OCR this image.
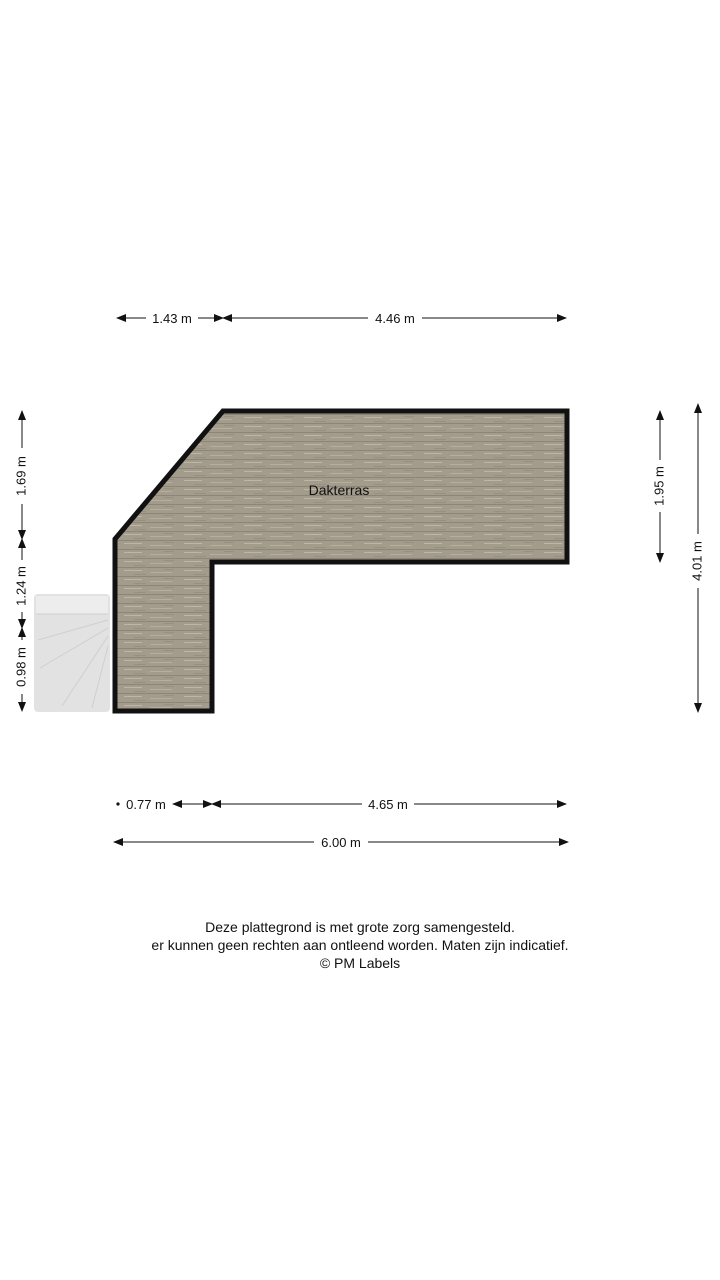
Dakterras
1.43 m	4.46 m
1.69 m
1.24 m
0.98 m
1.95 m
4.01 m
0.77 m	4.65 m
6.00 m
Deze plattegrond is met grote zorg samengesteld.
er kunnen geen rechten aan ontleend worden. Maten zijn indicatief.
© PM Labels
